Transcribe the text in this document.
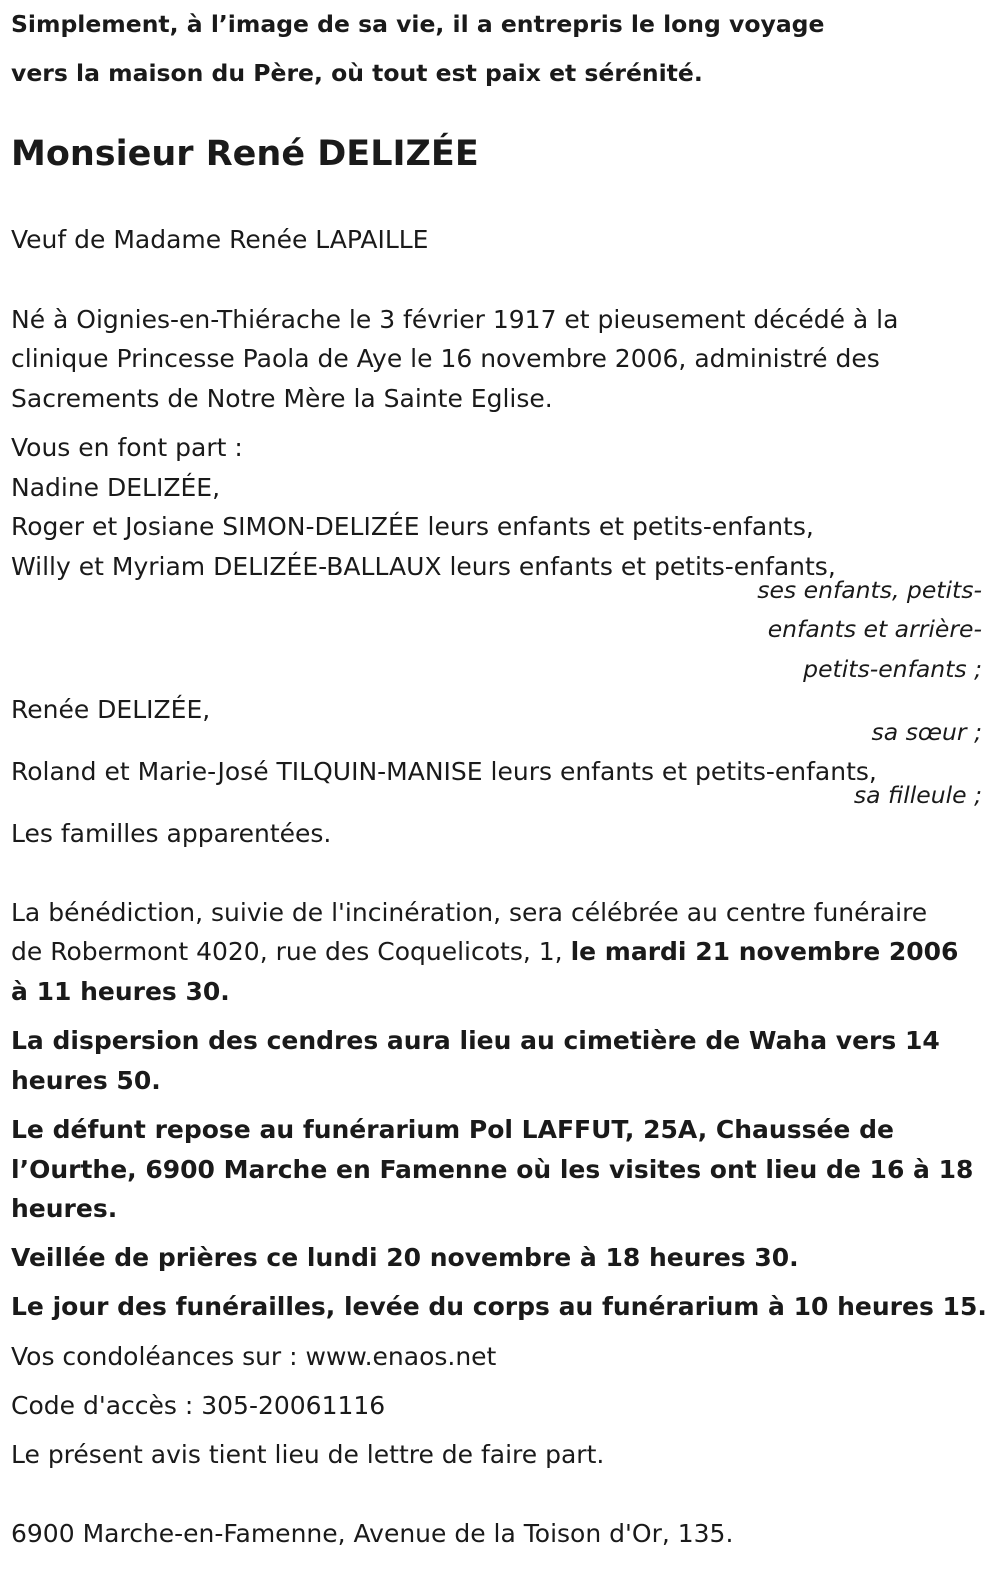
Simplement, à l’image de sa vie, il a entrepris le long voyage
vers la maison du Père, où tout est paix et sérénité.
Monsieur René DELIZÉE
Veuf de Madame Renée LAPAILLE
Né à Oignies-en-Thiérache le 3 février 1917 et pieusement décédé à la
clinique Princesse Paola de Aye le 16 novembre 2006, administré des
Sacrements de Notre Mère la Sainte Eglise.
Vous en font part :
Nadine DELIZÉE,
Roger et Josiane SIMON-DELIZÉE leurs enfants et petits-enfants,
Willy et Myriam DELIZÉE-BALLAUX leurs enfants et petits-enfants,
ses enfants, petits-
enfants et arrière-
petits-enfants ;
Renée DELIZÉE,
sa sœur ;
Roland et Marie-José TILQUIN-MANISE leurs enfants et petits-enfants,
sa filleule ;
Les familles apparentées.
La bénédiction, suivie de l'incinération, sera célébrée au centre funéraire
de Robermont 4020, rue des Coquelicots, 1, le mardi 21 novembre 2006
à 11 heures 30.
La dispersion des cendres aura lieu au cimetière de Waha vers 14
heures 50.
Le défunt repose au funérarium Pol LAFFUT, 25A, Chaussée de
l’Ourthe, 6900 Marche en Famenne où les visites ont lieu de 16 à 18
heures.
Veillée de prières ce lundi 20 novembre à 18 heures 30.
Le jour des funérailles, levée du corps au funérarium à 10 heures 15.
Vos condoléances sur : www.enaos.net
Code d'accès : 305-20061116
Le présent avis tient lieu de lettre de faire part.
6900 Marche-en-Famenne, Avenue de la Toison d'Or, 135.
